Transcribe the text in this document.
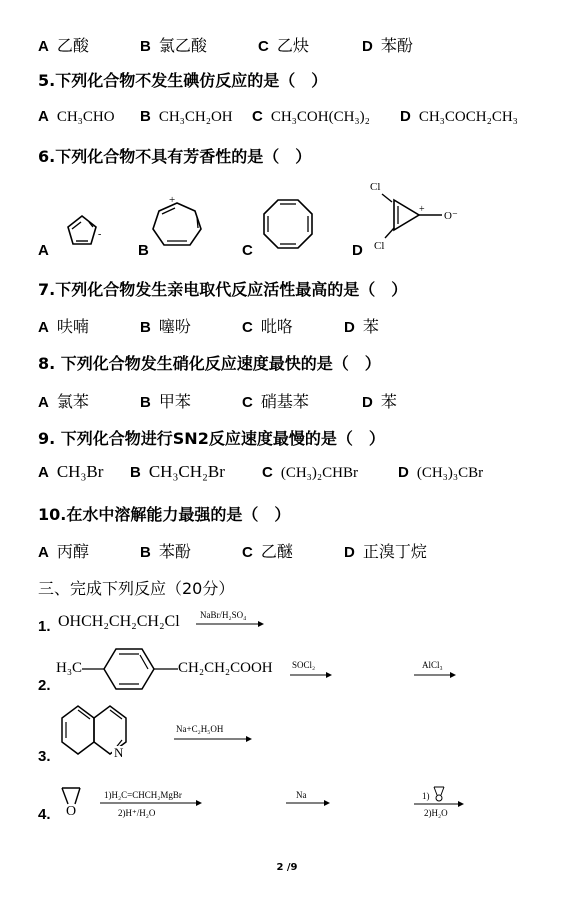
A 乙酸	B 氯乙酸	C 乙炔	D 苯酚
5.下列化合物不发生碘仿反应的是（　）
A CH₃CHO B CH₃CH₂OH C CH₃COH(CH₃)₂ D CH₃COCH₂CH₃
6.下列化合物不具有芳香性的是（　）
A
-
B
+
C	D
Cl
Cl
+
O⁻
7.下列化合物发生亲电取代反应活性最高的是（　）
A 呋喃	B 噻吩	C 吡咯	D 苯
8. 下列化合物发生硝化反应速度最快的是（　）
A 氯苯	B 甲苯	C 硝基苯	D 苯
9. 下列化合物进行SN2反应速度最慢的是（　）
A CH₃Br B CH₃CH₂Br C (CH₃)₂CHBr	D (CH₃)₃CBr
10.在水中溶解能力最强的是（　）
A 丙醇	B 苯酚	C 乙醚	D 正溴丁烷
三、完成下列反应（20分）
1. OHCH₂CH₂CH₂Cl NaBr/H₂SO₄
2.
H₃C	CH₂CH₂COOH SOCl₂	AlCl₃
3.	N
Na+C₂H₅OH
4. O
1)H₂C=CHCH₂MgBr
2)H⁺/H₂O
Na	1)
2)H₂O
2 /9
